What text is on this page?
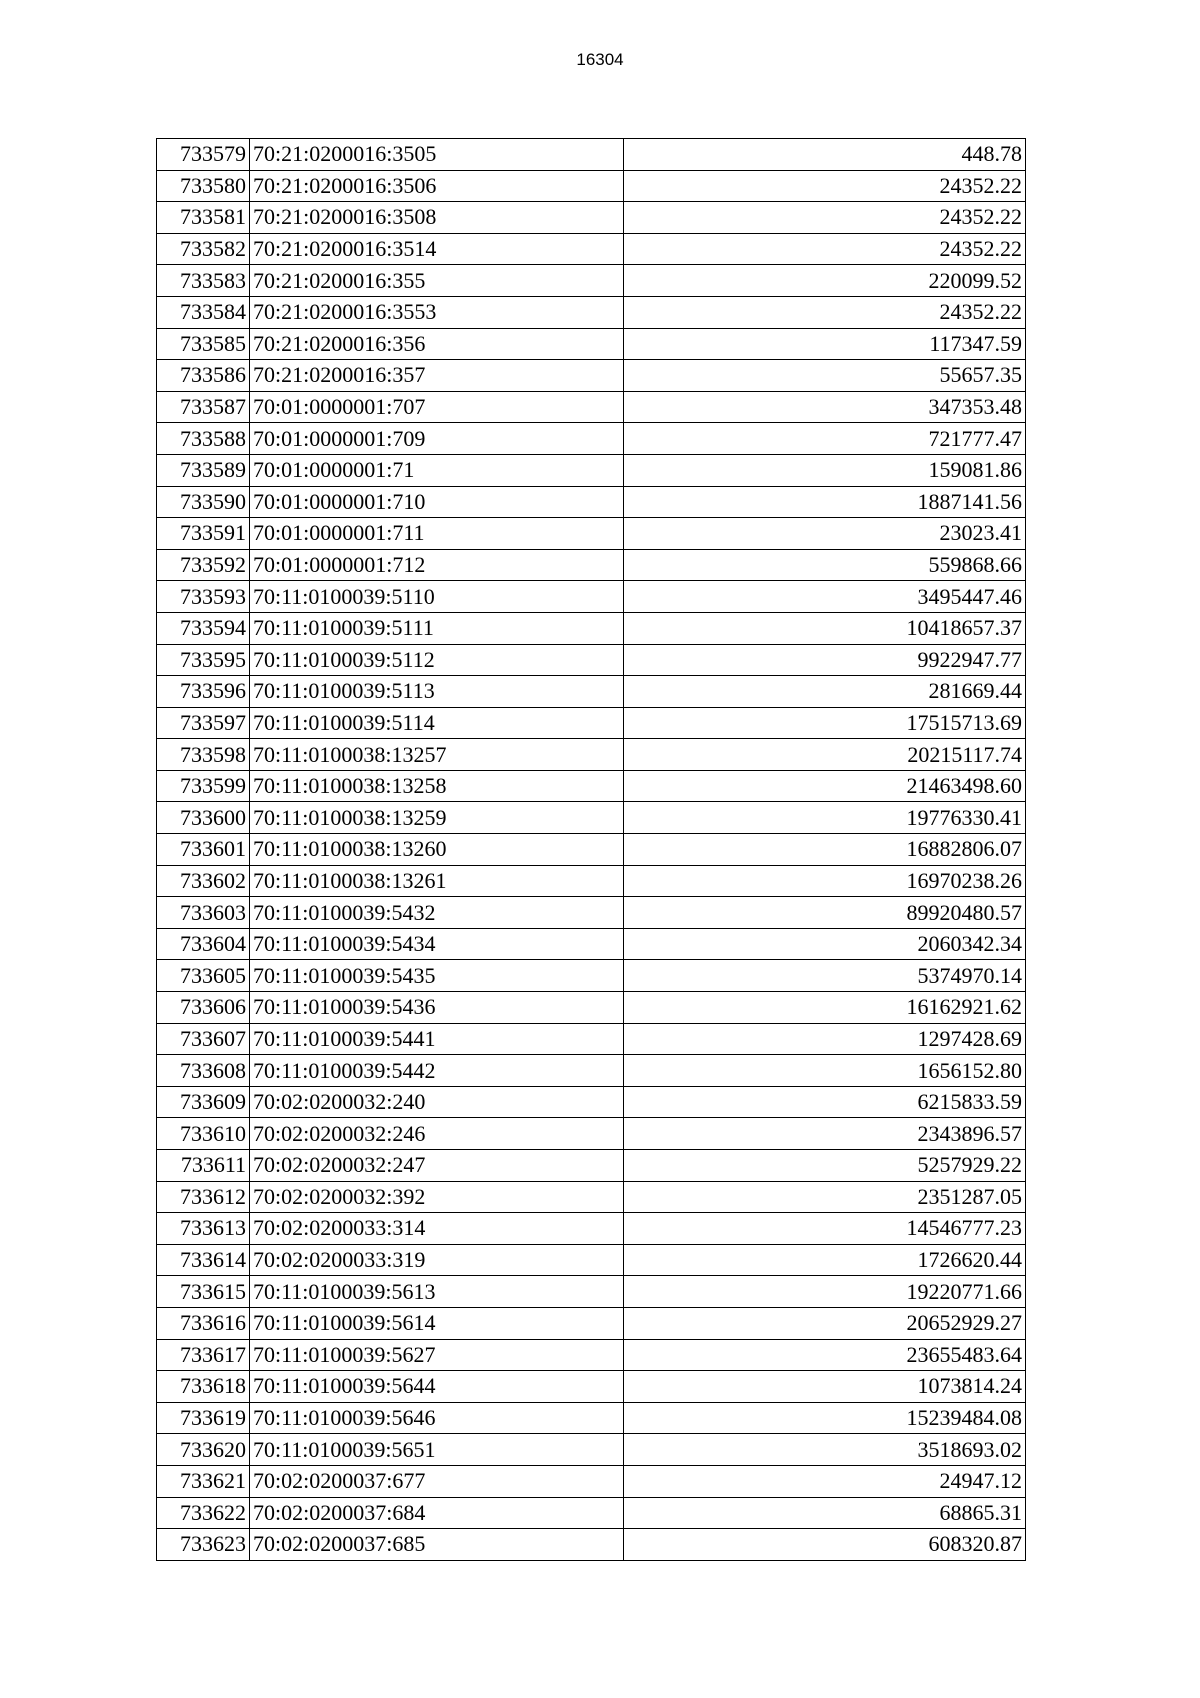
16304
733579	70:21:0200016:3505	448.78
733580	70:21:0200016:3506	24352.22
733581	70:21:0200016:3508	24352.22
733582	70:21:0200016:3514	24352.22
733583	70:21:0200016:355	220099.52
733584	70:21:0200016:3553	24352.22
733585	70:21:0200016:356	117347.59
733586	70:21:0200016:357	55657.35
733587	70:01:0000001:707	347353.48
733588	70:01:0000001:709	721777.47
733589	70:01:0000001:71	159081.86
733590	70:01:0000001:710	1887141.56
733591	70:01:0000001:711	23023.41
733592	70:01:0000001:712	559868.66
733593	70:11:0100039:5110	3495447.46
733594	70:11:0100039:5111	10418657.37
733595	70:11:0100039:5112	9922947.77
733596	70:11:0100039:5113	281669.44
733597	70:11:0100039:5114	17515713.69
733598	70:11:0100038:13257	20215117.74
733599	70:11:0100038:13258	21463498.60
733600	70:11:0100038:13259	19776330.41
733601	70:11:0100038:13260	16882806.07
733602	70:11:0100038:13261	16970238.26
733603	70:11:0100039:5432	89920480.57
733604	70:11:0100039:5434	2060342.34
733605	70:11:0100039:5435	5374970.14
733606	70:11:0100039:5436	16162921.62
733607	70:11:0100039:5441	1297428.69
733608	70:11:0100039:5442	1656152.80
733609	70:02:0200032:240	6215833.59
733610	70:02:0200032:246	2343896.57
733611	70:02:0200032:247	5257929.22
733612	70:02:0200032:392	2351287.05
733613	70:02:0200033:314	14546777.23
733614	70:02:0200033:319	1726620.44
733615	70:11:0100039:5613	19220771.66
733616	70:11:0100039:5614	20652929.27
733617	70:11:0100039:5627	23655483.64
733618	70:11:0100039:5644	1073814.24
733619	70:11:0100039:5646	15239484.08
733620	70:11:0100039:5651	3518693.02
733621	70:02:0200037:677	24947.12
733622	70:02:0200037:684	68865.31
733623	70:02:0200037:685	608320.87
